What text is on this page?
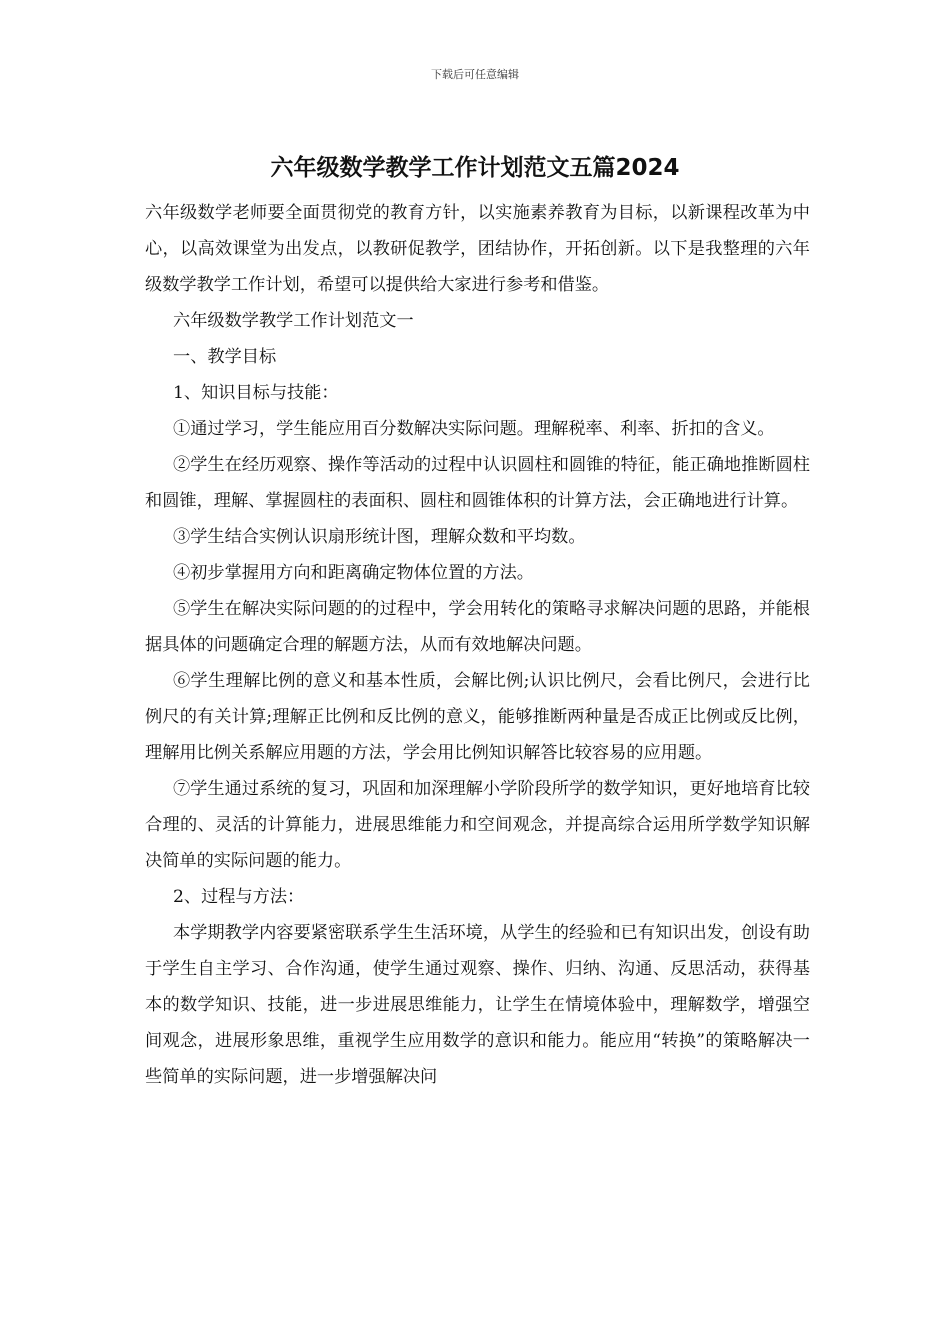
下载后可任意编辑
六年级数学教学工作计划范文五篇2024

六年级数学老师要全面贯彻党的教育方针，以实施素养教育为目标，以新课程改革为中心，以高效课堂为出发点，以教研促教学，团结协作，开拓创新。以下是我整理的六年级数学教学工作计划，希望可以提供给大家进行参考和借鉴。

六年级数学教学工作计划范文一

一、教学目标

1、知识目标与技能：

①通过学习，学生能应用百分数解决实际问题。理解税率、利率、折扣的含义。

②学生在经历观察、操作等活动的过程中认识圆柱和圆锥的特征，能正确地推断圆柱和圆锥，理解、掌握圆柱的表面积、圆柱和圆锥体积的计算方法，会正确地进行计算。

③学生结合实例认识扇形统计图，理解众数和平均数。

④初步掌握用方向和距离确定物体位置的方法。

⑤学生在解决实际问题的的过程中，学会用转化的策略寻求解决问题的思路，并能根据具体的问题确定合理的解题方法，从而有效地解决问题。

⑥学生理解比例的意义和基本性质，会解比例;认识比例尺，会看比例尺，会进行比例尺的有关计算;理解正比例和反比例的意义，能够推断两种量是否成正比例或反比例，理解用比例关系解应用题的方法，学会用比例知识解答比较容易的应用题。

⑦学生通过系统的复习，巩固和加深理解小学阶段所学的数学知识，更好地培育比较合理的、灵活的计算能力，进展思维能力和空间观念，并提高综合运用所学数学知识解决简单的实际问题的能力。

2、过程与方法：

本学期教学内容要紧密联系学生生活环境，从学生的经验和已有知识出发，创设有助于学生自主学习、合作沟通，使学生通过观察、操作、归纳、沟通、反思活动，获得基本的数学知识、技能，进一步进展思维能力，让学生在情境体验中，理解数学，增强空间观念，进展形象思维，重视学生应用数学的意识和能力。能应用“转换”的策略解决一些简单的实际问题，进一步增强解决问
